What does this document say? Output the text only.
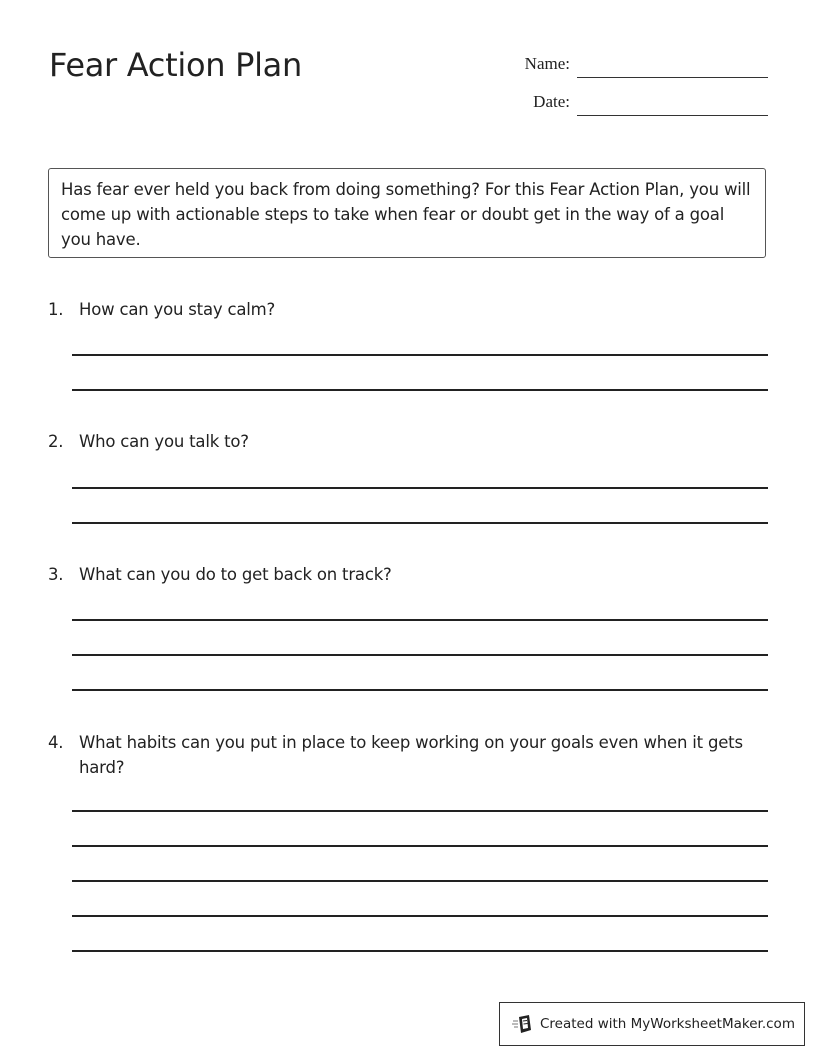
Fear Action Plan	Name:
Date:
Has fear ever held you back from doing something? For this Fear Action Plan, you will come up with actionable steps to take when fear or doubt get in the way of a goal you have.
1. How can you stay calm?
2. Who can you talk to?
3. What can you do to get back on track?
4. What habits can you put in place to keep working on your goals even when it gets hard?
Created with MyWorksheetMaker.com
